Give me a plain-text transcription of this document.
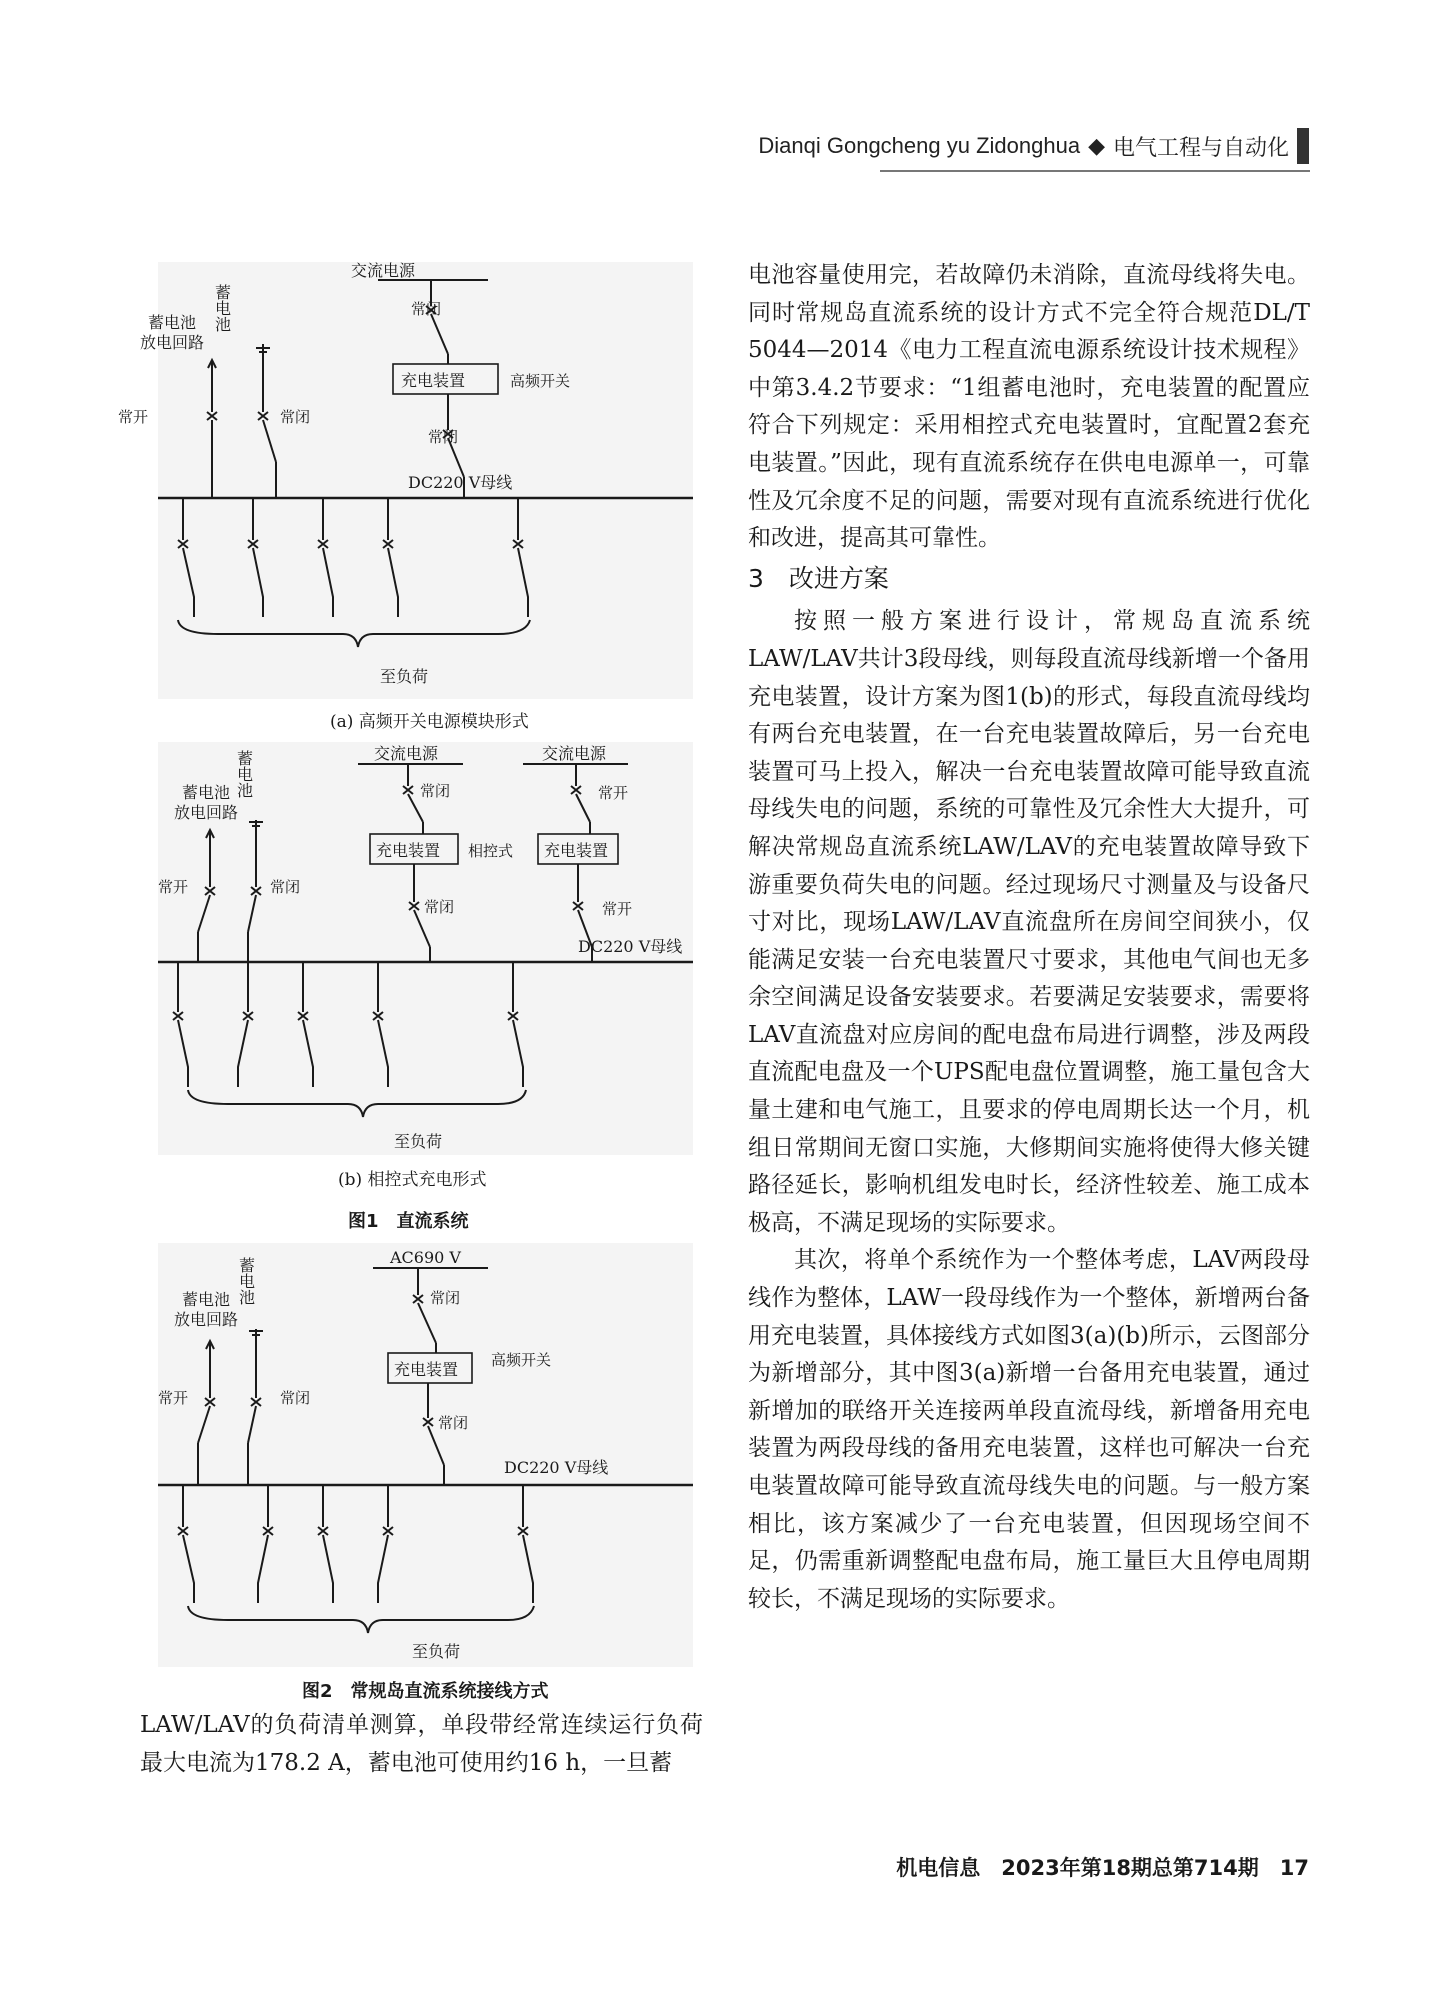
Dianqi Gongcheng yu Zidonghua ◆ 电气工程与自动化
交流电源
常闭
充电装置	高频开关
常闭
DC220 V母线
蓄电池
蓄电池
放电回路
常开	常闭
至负荷
(a) 高频开关电源模块形式
交流电源	交流电源
常闭	常开
充电装置	充电装置
相控式
常闭	常开
DC220 V母线
蓄电池
蓄电池
放电回路
常开	常闭
至负荷
(b) 相控式充电形式
图1　直流系统
AC690 V
常闭
充电装置 高频开关
常闭
DC220 V母线
蓄电池
蓄电池
放电回路
常开	常闭
至负荷
图2　常规岛直流系统接线方式

LAW/LAV的负荷清单测算，单段带经常连续运行负荷最大电流为178.2 A，蓄电池可使用约16 h，一旦蓄

电池容量使用完，若故障仍未消除，直流母线将失电。同时常规岛直流系统的设计方式不完全符合规范DL/T 5044—2014《电力工程直流电源系统设计技术规程》中第3.4.2节要求：“1组蓄电池时，充电装置的配置应符合下列规定：采用相控式充电装置时，宜配置2套充电装置。”因此，现有直流系统存在供电电源单一，可靠性及冗余度不足的问题，需要对现有直流系统进行优化和改进，提高其可靠性。

3　改进方案

按照一般方案进行设计，常规岛直流系统LAW/LAV共计3段母线，则每段直流母线新增一个备用充电装置，设计方案为图1(b)的形式，每段直流母线均有两台充电装置，在一台充电装置故障后，另一台充电装置可马上投入，解决一台充电装置故障可能导致直流母线失电的问题，系统的可靠性及冗余性大大提升，可解决常规岛直流系统LAW/LAV的充电装置故障导致下游重要负荷失电的问题。经过现场尺寸测量及与设备尺寸对比，现场LAW/LAV直流盘所在房间空间狭小，仅能满足安装一台充电装置尺寸要求，其他电气间也无多余空间满足设备安装要求。若要满足安装要求，需要将LAV直流盘对应房间的配电盘布局进行调整，涉及两段直流配电盘及一个UPS配电盘位置调整，施工量包含大量土建和电气施工，且要求的停电周期长达一个月，机组日常期间无窗口实施，大修期间实施将使得大修关键路径延长，影响机组发电时长，经济性较差、施工成本极高，不满足现场的实际要求。

其次，将单个系统作为一个整体考虑，LAV两段母线作为整体，LAW一段母线作为一个整体，新增两台备用充电装置，具体接线方式如图3(a)(b)所示，云图部分为新增部分，其中图3(a)新增一台备用充电装置，通过新增加的联络开关连接两单段直流母线，新增备用充电装置为两段母线的备用充电装置，这样也可解决一台充电装置故障可能导致直流母线失电的问题。与一般方案相比，该方案减少了一台充电装置，但因现场空间不足，仍需重新调整配电盘布局，施工量巨大且停电周期较长，不满足现场的实际要求。

机电信息　2023年第18期总第714期　17
